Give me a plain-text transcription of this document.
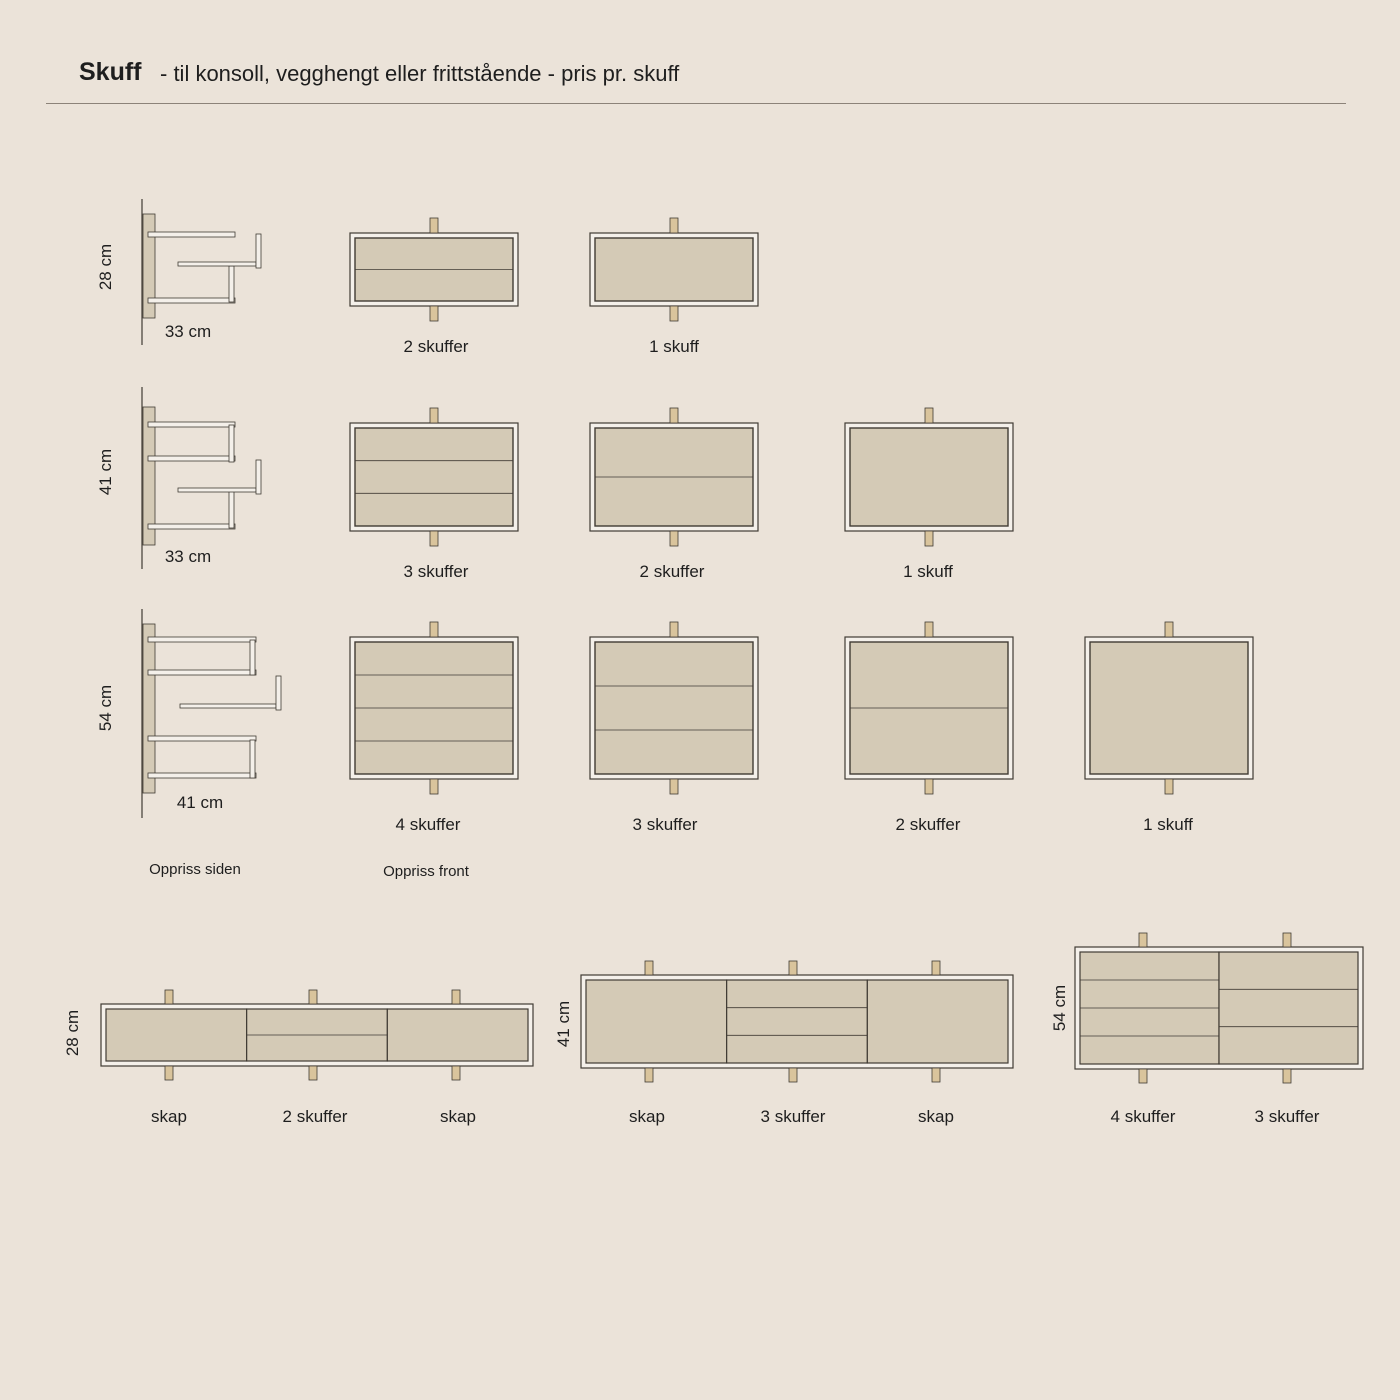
Skuff - til konsoll, vegghengt eller frittstående - pris pr. skuff
28 cm
33 cm
2 skuffer	1 skuff
41 cm
33 cm
3 skuffer	2 skuffer	1 skuff
54 cm
41 cm
4 skuffer	3 skuffer	2 skuffer	1 skuff
Oppriss siden	Oppriss front
28 cm
skap	2 skuffer	skap
41 cm
skap	3 skuffer	skap
54 cm
4 skuffer	3 skuffer
